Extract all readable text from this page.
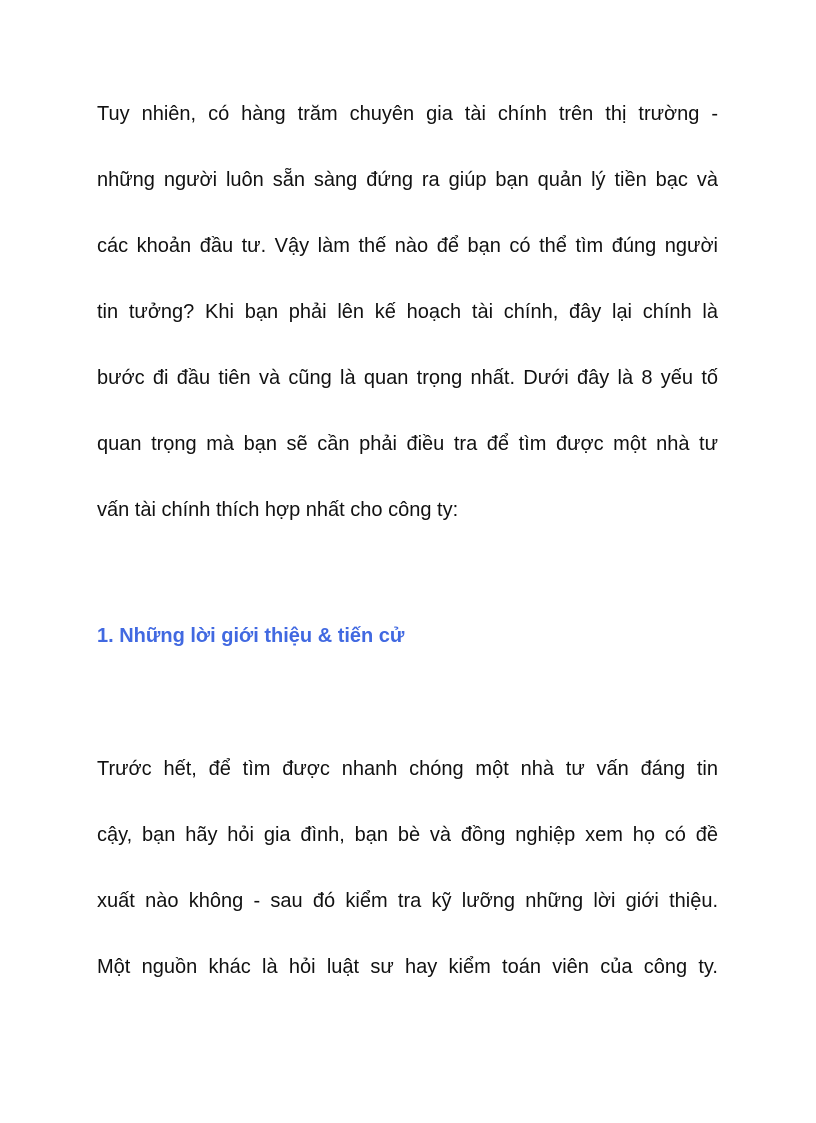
Tuy nhiên, có hàng trăm chuyên gia tài chính trên thị trường -
những người luôn sẵn sàng đứng ra giúp bạn quản lý tiền bạc và
các khoản đầu tư. Vậy làm thế nào để bạn có thể tìm đúng người
tin tưởng? Khi bạn phải lên kế hoạch tài chính, đây lại chính là
bước đi đầu tiên và cũng là quan trọng nhất. Dưới đây là 8 yếu tố
quan trọng mà bạn sẽ cần phải điều tra để tìm được một nhà tư
vấn tài chính thích hợp nhất cho công ty:
1. Những lời giới thiệu & tiến cử
Trước hết, để tìm được nhanh chóng một nhà tư vấn đáng tin
cậy, bạn hãy hỏi gia đình, bạn bè và đồng nghiệp xem họ có đề
xuất nào không - sau đó kiểm tra kỹ lưỡng những lời giới thiệu.
Một nguồn khác là hỏi luật sư hay kiểm toán viên của công ty.
